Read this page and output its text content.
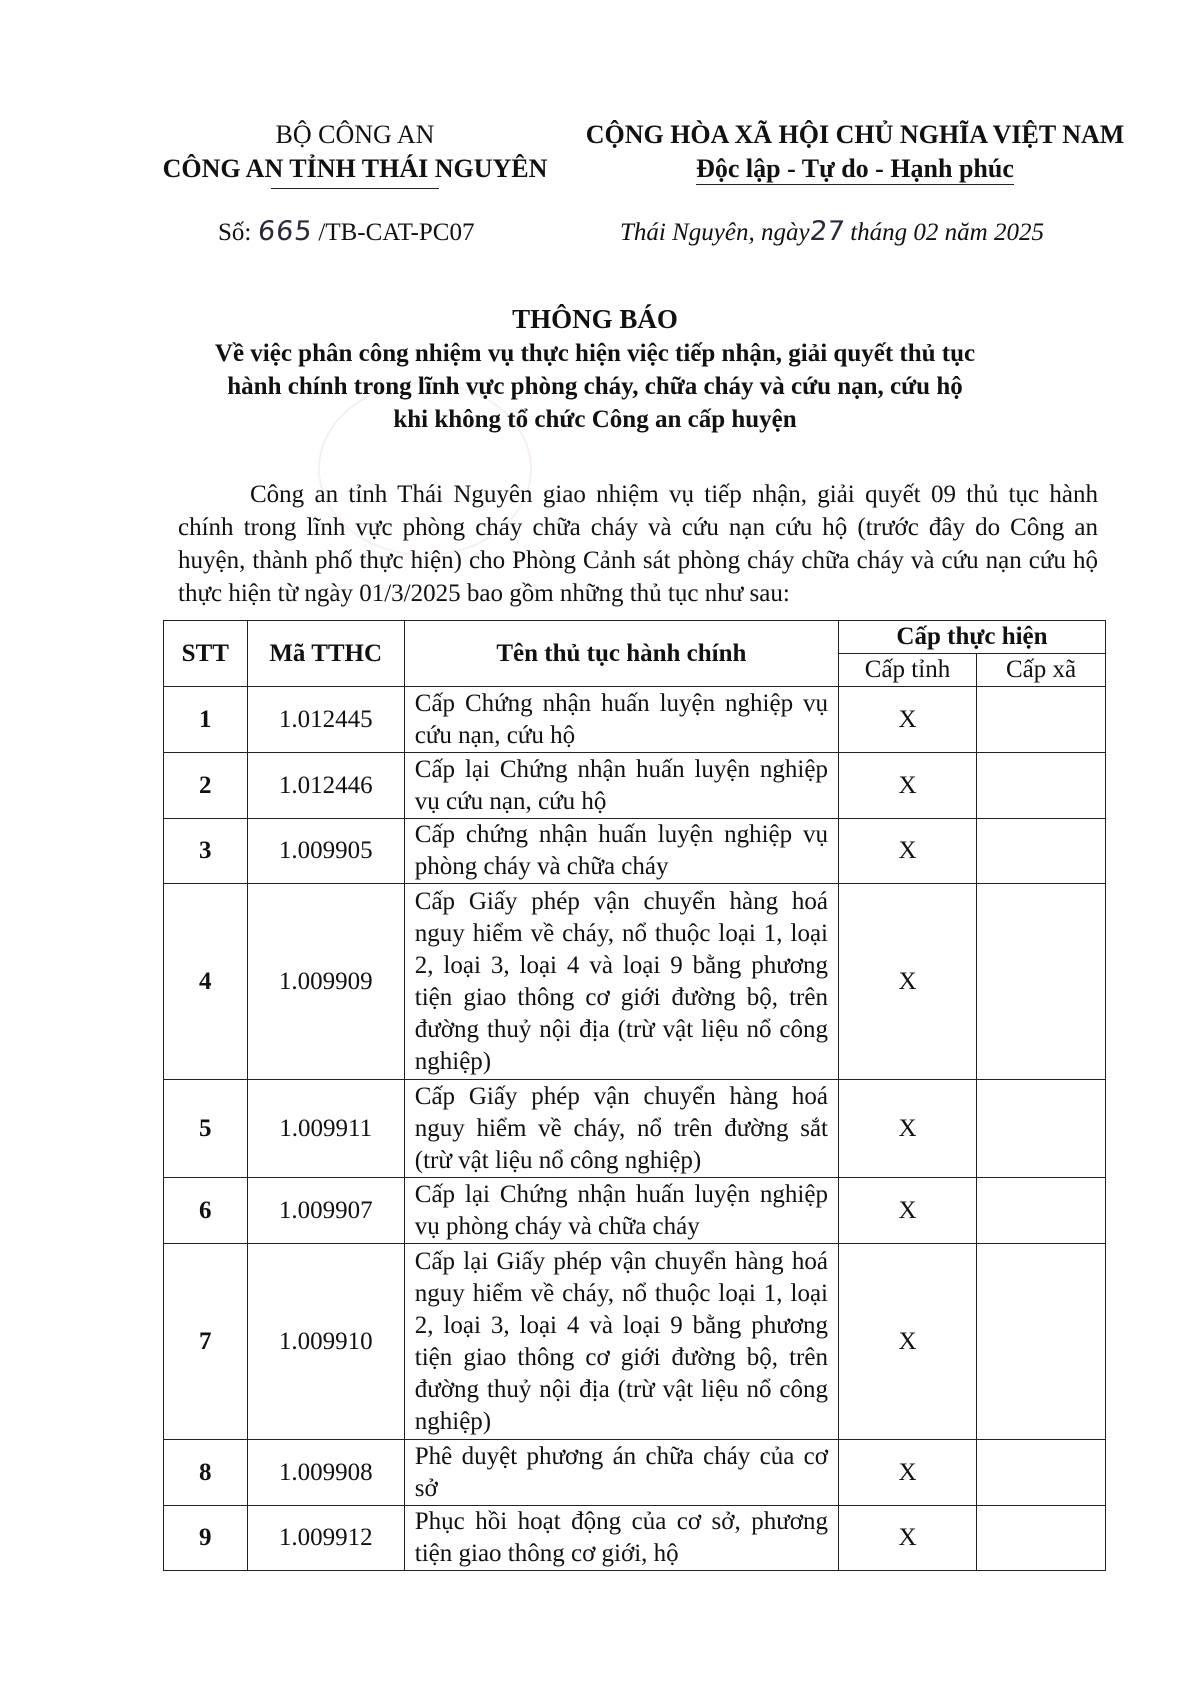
BỘ CÔNG AN
CÔNG AN TỈNH THÁI NGUYÊN
CỘNG HÒA XÃ HỘI CHỦ NGHĨA VIỆT NAM
Độc lập - Tự do - Hạnh phúc
Số: 665 /TB-CAT-PC07	Thái Nguyên, ngày27 tháng 02 năm 2025
THÔNG BÁO
Về việc phân công nhiệm vụ thực hiện việc tiếp nhận, giải quyết thủ tục
hành chính trong lĩnh vực phòng cháy, chữa cháy và cứu nạn, cứu hộ
khi không tổ chức Công an cấp huyện
Công an tỉnh Thái Nguyên giao nhiệm vụ tiếp nhận, giải quyết 09 thủ tục hành chính trong lĩnh vực phòng cháy chữa cháy và cứu nạn cứu hộ (trước đây do Công an huyện, thành phố thực hiện) cho Phòng Cảnh sát phòng cháy chữa cháy và cứu nạn cứu hộ thực hiện từ ngày 01/3/2025 bao gồm những thủ tục như sau:
STT	Mã TTHC	Tên thủ tục hành chính	Cấp thực hiện	
			Cấp tỉnh	Cấp xã
1	1.012445	Cấp Chứng nhận huấn luyện nghiệp vụ cứu nạn, cứu hộ	X	
2	1.012446	Cấp lại Chứng nhận huấn luyện nghiệp vụ cứu nạn, cứu hộ	X	
3	1.009905	Cấp chứng nhận huấn luyện nghiệp vụ phòng cháy và chữa cháy	X	
4	1.009909	Cấp Giấy phép vận chuyển hàng hoá nguy hiểm về cháy, nổ thuộc loại 1, loại 2, loại 3, loại 4 và loại 9 bằng phương tiện giao thông cơ giới đường bộ, trên đường thuỷ nội địa (trừ vật liệu nổ công nghiệp)	X	
5	1.009911	Cấp Giấy phép vận chuyển hàng hoá nguy hiểm về cháy, nổ trên đường sắt (trừ vật liệu nổ công nghiệp)	X	
6	1.009907	Cấp lại Chứng nhận huấn luyện nghiệp vụ phòng cháy và chữa cháy	X	
7	1.009910	Cấp lại Giấy phép vận chuyển hàng hoá nguy hiểm về cháy, nổ thuộc loại 1, loại 2, loại 3, loại 4 và loại 9 bằng phương tiện giao thông cơ giới đường bộ, trên đường thuỷ nội địa (trừ vật liệu nổ công nghiệp)	X	
8	1.009908	Phê duyệt phương án chữa cháy của cơ sở	X	
9	1.009912	Phục hồi hoạt động của cơ sở, phương tiện giao thông cơ giới, hộ	X	
